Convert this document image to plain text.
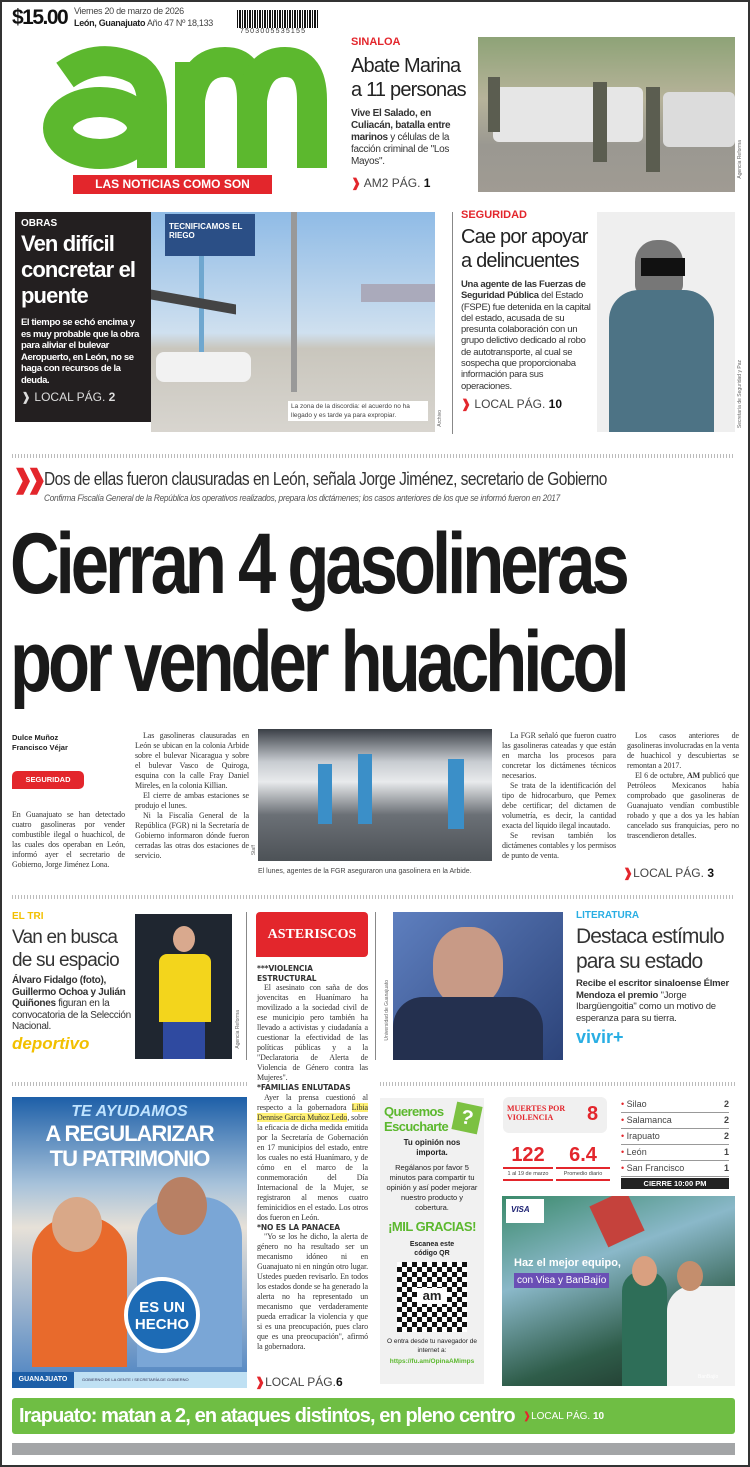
$15.00 Viernes 20 de marzo de 2026
León, Guanajuato Año 47 Nº 18,133
7503005535155
LAS NOTICIAS COMO SON
SINALOA
Abate Marina a 11 personas
Vive El Salado, en Culiacán, batalla entre marinos y células de la facción criminal de "Los Mayos".
❱ AM2 PÁG. 1
Agencia Reforma
OBRAS
Ven difícil concretar el puente
El tiempo se echó encima y es muy probable que la obra para aliviar el bulevar Aeropuerto, en León, no se haga con recursos de la deuda.
❱ LOCAL PÁG. 2
TECNIFICAMOS EL RIEGO
La zona de la discordia: el acuerdo no ha llegado y es tarde ya para expropiar.	Archivo
SEGURIDAD
Cae por apoyar a delincuentes
Una agente de las Fuerzas de Seguridad Pública del Estado (FSPE) fue detenida en la capital del estado, acusada de su presunta colaboración con un grupo delictivo dedicado al robo de autotransporte, al cual se sospecha que proporcionaba información para sus operaciones.
❱ LOCAL PÁG. 10	Secretaría de Seguridad y Paz
❱❱ Dos de ellas fueron clausuradas en León, señala Jorge Jiménez, secretario de Gobierno
Confirma Fiscalía General de la República los operativos realizados, prepara los dictámenes; los casos anteriores de los que se informó fueron en 2017
Cierran 4 gasolineras
por vender huachicol
Dulce Muñoz
Francisco Véjar
SEGURIDAD
En Guanajuato se han detectado cuatro gasolineras por vender combustible ilegal o huachicol, de las cuales dos operaban en León, informó ayer el secretario de Gobierno, Jorge Jiménez Lona.

Las gasolineras clausuradas en León se ubican en la colonia Arbide sobre el bulevar Nicaragua y sobre el bulevar Vasco de Quiroga, esquina con la calle Fray Daniel Mireles, en la colonia Killian.

El cierre de ambas estaciones se produjo el lunes.

Ni la Fiscalía General de la República (FGR) ni la Secretaría de Gobierno informaron dónde fueron cerradas las otras dos estaciones de servicio.

Staff
El lunes, agentes de la FGR aseguraron una gasolinera en la Arbide.

La FGR señaló que fueron cuatro las gasolineras cateadas y que están en marcha los procesos para concretar los dictámenes técnicos necesarios.

Se trata de la identificación del tipo de hidrocarburo, que Pemex debe certificar; del dictamen de volumetría, es decir, la cantidad exacta del líquido ilegal incautado.

Se revisan también los dictámenes contables y los permisos de punto de venta.

Los casos anteriores de gasolineras involucradas en la venta de huachicol y descubiertas se remontan a 2017.

El 6 de octubre, AM publicó que Petróleos Mexicanos había comprobado que gasolineras de Guanajuato vendían combustible robado y que a dos ya les habían cancelado sus franquicias, pero no trascendieron detalles.

❱LOCAL PÁG. 3
EL TRI
Van en busca de su espacio
Álvaro Fidalgo (foto), Guillermo Ochoa y Julián Quiñones figuran en la convocatoria de la Selección Nacional.
deportivo	Agencia Reforma
ASTERISCOS
***VIOLENCIA ESTRUCTURAL

El asesinato con saña de dos jovencitas en Huanímaro ha movilizado a la sociedad civil de ese municipio pero también ha llevado a activistas y ciudadanía a cuestionar la efectividad de las políticas públicas y a la "Declaratoria de Alerta de Violencia de Género contra las Mujeres".

*FAMILIAS ENLUTADAS

Ayer la prensa cuestionó al respecto a la gobernadora Libia Dennise García Muñoz Ledo, sobre la eficacia de dicha medida emitida por la Secretaría de Gobernación en 17 municipios del estado, entre los cuales no está Huanímaro, y de cómo en el marco de la conmemoración del Día Internacional de la Mujer, se registraron al menos cuatro feminicidios en el estado. Los otros dos fueron en León.

*NO ES LA PANACEA

"Yo se los he dicho, la alerta de género no ha resultado ser un mecanismo idóneo ni en Guanajuato ni en ningún otro lugar. Ustedes pueden revisarlo. En todos los estados donde se ha generado la alerta no ha representado un mecanismo que verdaderamente pueda erradicar la violencia y que si es una preocupación, pues claro que es una preocupación", afirmó la gobernadora.

❱LOCAL PÁG.6
Universidad de Guanajuato
LITERATURA
Destaca estímulo para su estado
Recibe el escritor sinaloense Élmer Mendoza el premio "Jorge Ibargüengoitia" como un motivo de esperanza para su tierra.
vivir+
TE AYUDAMOS
A REGULARIZAR
TU PATRIMONIO
ES UN HECHO
GUANAJUATO	GOBIERNO DE LA GENTE / SECRETARÍA DE GOBIERNO
Queremos
Escucharte ?
Tu opinión nos importa.
Regálanos por favor 5 minutos para compartir tu opinión y así poder mejorar nuestro producto y cobertura.
¡MIL GRACIAS!
Escanea este código QR
am
O entra desde tu navegador de internet a:
https://fu.am/OpinaAMimps
MUERTES POR VIOLENCIA	8
122
1 al 19 de marzo
6.4
Promedio diario
• Silao	2
• Salamanca	2
• Irapuato	2
• León	1
• San Francisco	1
CIERRE 10:00 PM
VISA
Haz el mejor equipo,
con Visa y BanBajío
BanBajío
Irapuato: matan a 2, en ataques distintos, en pleno centro ❱LOCAL PÁG. 10
